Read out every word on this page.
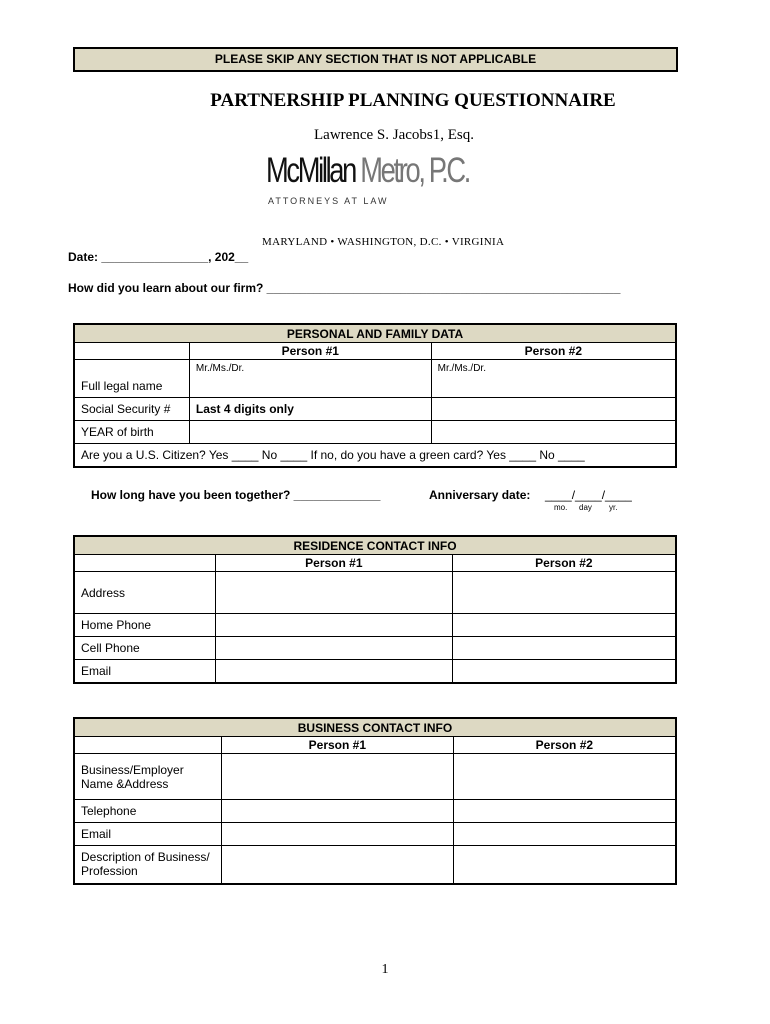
PLEASE SKIP ANY SECTION THAT IS NOT APPLICABLE
PARTNERSHIP PLANNING QUESTIONNAIRE
Lawrence S. Jacobs1, Esq.
McMillan Metro, P.C.
ATTORNEYS AT LAW
MARYLAND • WASHINGTON, D.C. • VIRGINIA
Date: ________________, 202__
How did you learn about our firm? _____________________________________________________
PERSONAL AND FAMILY DATA		
	Person #1	Person #2
Full legal name	Mr./Ms./Dr.	Mr./Ms./Dr.
Social Security #	Last 4 digits only	
YEAR of birth		
Are you a U.S. Citizen? Yes ____ No ____ If no, do you have a green card? Yes ____ No ____		
How long have you been together? _____________	Anniversary date: ____/____/____
mo. day yr.
RESIDENCE CONTACT INFO		
	Person #1	Person #2
Address		
Home Phone		
Cell Phone		
Email		
BUSINESS CONTACT INFO		
	Person #1	Person #2
Business/Employer Name &Address		
Telephone		
Email		
Description of Business/ Profession		
1
